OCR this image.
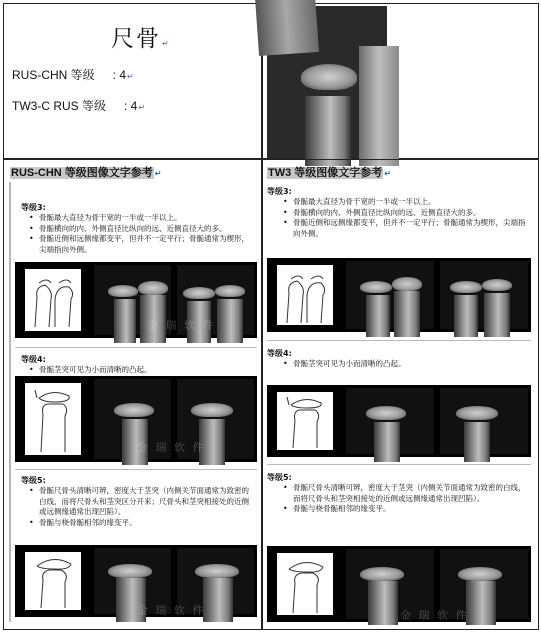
尺骨↵
RUS-CHN 等级 : 4↵
TW3-C RUS 等级 : 4↵
RUS-CHN 等级图像文字参考 ↵
等级3:
• 骨骺最大直径为骨干宽的一半或一半以上。
• 骨骺横向的内、外侧直径比纵向的远、近侧直径大的多。
• 骨骺近侧和远侧缘都变平，但并不一定平行；骨骺通常为楔形，尖端指向外侧。
金 瑞 软 件
等级4:
• 骨骺茎突可见为小而清晰的凸起。
金 瑞 软 件
等级5:
• 骨骺尺骨头清晰可辨，密度大于茎突（内侧关节面通常为致密的白线，而将尺骨头和茎突区分开来；尺骨头和茎突相接处的近侧或远侧缘通常出现凹陷）。
• 骨骺与桡骨骺相邻的缘变平。
金 瑞 软 件
TW3 等级图像文字参考 ↵
等级3:
• 骨骺最大直径为骨干宽的一半或一半以上。
• 骨骺横向的内、外侧直径比纵向的远、近侧直径大的多。
• 骨骺近侧和远侧缘都变平，但并不一定平行；骨骺通常为楔形，尖端指向外侧。
等级4:
• 骨骺茎突可见为小而清晰的凸起。
等级5:
• 骨骺尺骨头清晰可辨，密度大于茎突（内侧关节面通常为致密的白线，而将尺骨头和茎突相接处的近侧或远侧缘通常出现凹陷）。
• 骨骺与桡骨骺相邻的缘变平。
金 瑞 软 件
